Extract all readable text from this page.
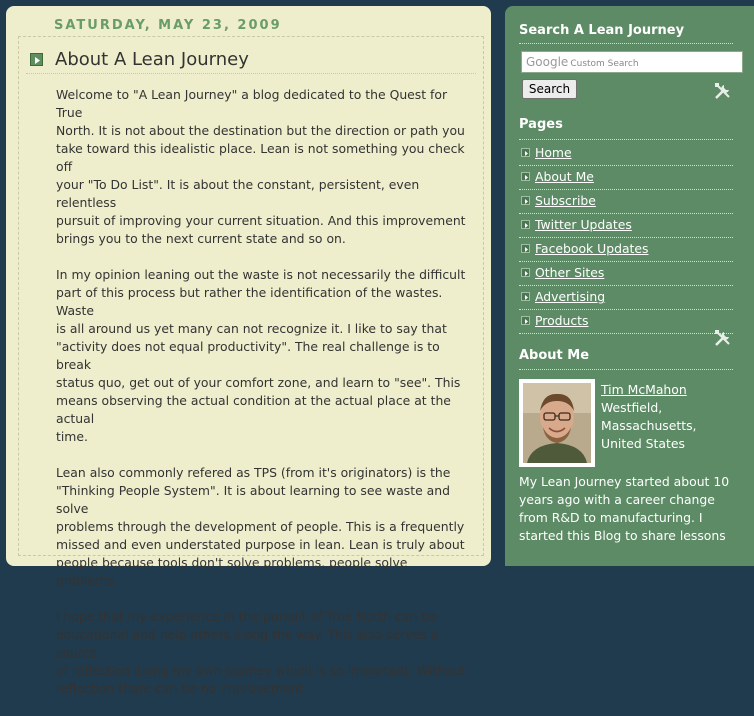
SATURDAY, MAY 23, 2009
About A Lean Journey

Welcome to "A Lean Journey" a blog dedicated to the Quest for True
North. It is not about the destination but the direction or path you
take toward this idealistic place. Lean is not something you check off
your "To Do List". It is about the constant, persistent, even relentless
pursuit of improving your current situation. And this improvement
brings you to the next current state and so on.

In my opinion leaning out the waste is not necessarily the difficult
part of this process but rather the identification of the wastes. Waste
is all around us yet many can not recognize it. I like to say that
"activity does not equal productivity". The real challenge is to break
status quo, get out of your comfort zone, and learn to "see". This
means observing the actual condition at the actual place at the actual
time.

Lean also commonly refered as TPS (from it's originators) is the
"Thinking People System". It is about learning to see waste and solve
problems through the development of people. This is a frequently
missed and even understated purpose in lean. Lean is truly about
people because tools don't solve problems, people solve problems.

I hope that my experience in the pursuit of True North can be
educational and help others along the way. This also serves a source
of reflection along my own journey which is so important. Without
reflection there can be no improvement.

Search A Lean Journey
Google Custom Search
Search
Pages
Home
About Me
Subscribe
Twitter Updates
Facebook Updates
Other Sites
Advertising
Products
About Me
Tim McMahon
Westfield,
Massachusetts,
United States
My Lean Journey started about 10
years ago with a career change
from R&D to manufacturing. I
started this Blog to share lessons
